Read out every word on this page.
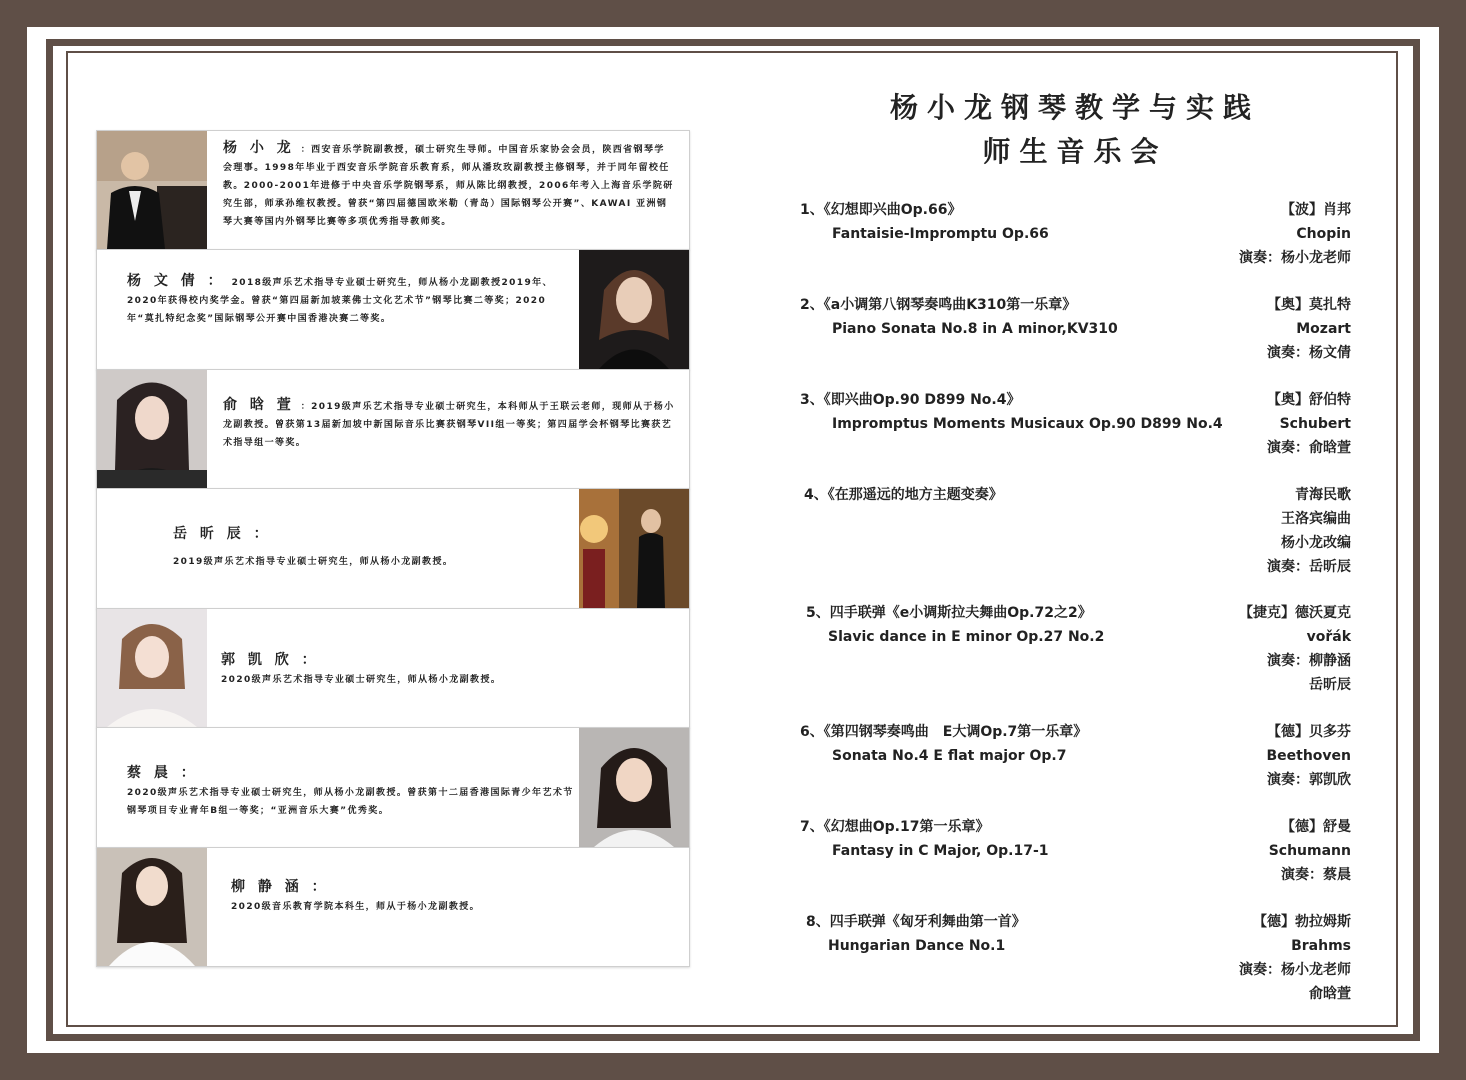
杨 小 龙 ：西安音乐学院副教授，硕士研究生导师。中国音乐家协会会员，陕西省钢琴学会理事。1998年毕业于西安音乐学院音乐教育系，师从潘玫玫副教授主修钢琴，并于同年留校任教。2000-2001年进修于中央音乐学院钢琴系，师从陈比纲教授，2006年考入上海音乐学院研究生部，师承孙维权教授。曾获“第四届德国欧米勒（青岛）国际钢琴公开赛”、KAWAI 亚洲钢琴大赛等国内外钢琴比赛等多项优秀指导教师奖。
杨 文 倩 ： 2018级声乐艺术指导专业硕士研究生，师从杨小龙副教授2019年、2020年获得校内奖学金。曾获“第四届新加坡莱佛士文化艺术节”钢琴比赛二等奖；2020年“莫扎特纪念奖”国际钢琴公开赛中国香港决赛二等奖。
俞 晗 萱 ：2019级声乐艺术指导专业硕士研究生，本科师从于王联云老师，现师从于杨小龙副教授。曾获第13届新加坡中新国际音乐比赛获钢琴VII组一等奖；第四届学会杯钢琴比赛获艺术指导组一等奖。
岳 昕 辰 ：
2019级声乐艺术指导专业硕士研究生，师从杨小龙副教授。
郭 凯 欣 ：
2020级声乐艺术指导专业硕士研究生，师从杨小龙副教授。
蔡 晨 ：
2020级声乐艺术指导专业硕士研究生，师从杨小龙副教授。曾获第十二届香港国际青少年艺术节钢琴项目专业青年B组一等奖；“亚洲音乐大赛”优秀奖。
柳 静 涵 ：
2020级音乐教育学院本科生，师从于杨小龙副教授。
杨小龙钢琴教学与实践
师生音乐会
1、《幻想即兴曲Op.66》
Fantaisie-Impromptu Op.66
【波】肖邦
Chopin
演奏：杨小龙老师
2、《a小调第八钢琴奏鸣曲K310第一乐章》
Piano Sonata No.8 in A minor,KV310
【奥】莫扎特
Mozart
演奏：杨文倩
3、《即兴曲Op.90 D899 No.4》
Impromptus Moments Musicaux Op.90 D899 No.4
【奥】舒伯特
Schubert
演奏：俞晗萱
4、《在那遥远的地方主题变奏》	青海民歌
王洛宾编曲
杨小龙改编
演奏：岳昕辰
5、四手联弹《e小调斯拉夫舞曲Op.72之2》
Slavic dance in E minor Op.27 No.2
【捷克】德沃夏克
vořák
演奏：柳静涵
岳昕辰
6、《第四钢琴奏鸣曲　E大调Op.7第一乐章》
Sonata No.4 E flat major Op.7
【德】贝多芬
Beethoven
演奏：郭凯欣
7、《幻想曲Op.17第一乐章》
Fantasy in C Major, Op.17-1
【德】舒曼
Schumann
演奏：蔡晨
8、四手联弹《匈牙利舞曲第一首》
Hungarian Dance No.1
【德】勃拉姆斯
Brahms
演奏：杨小龙老师
俞晗萱
